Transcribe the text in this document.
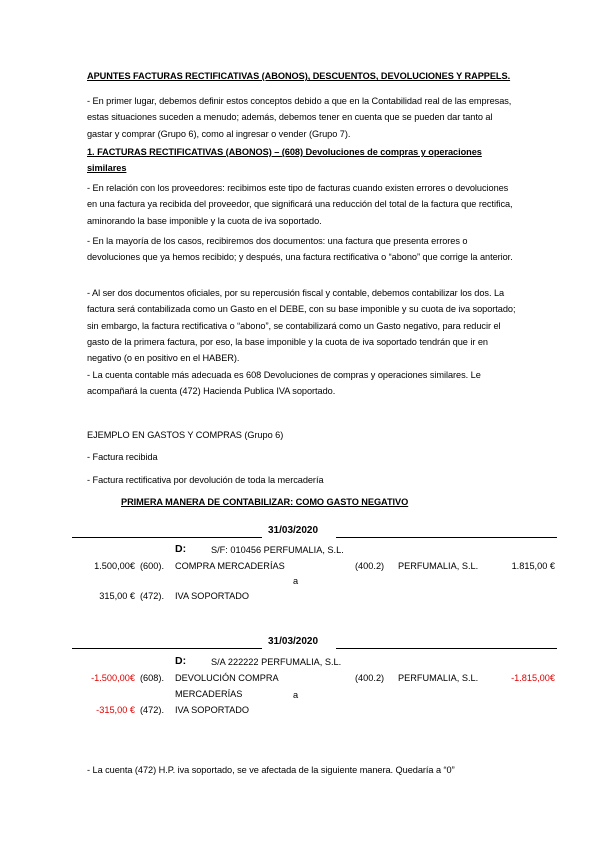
APUNTES FACTURAS RECTIFICATIVAS (ABONOS), DESCUENTOS, DEVOLUCIONES Y RAPPELS.
- En primer lugar, debemos definir estos conceptos debido a que en la Contabilidad real de las empresas, estas situaciones suceden a menudo; además, debemos tener en cuenta que se pueden dar tanto al gastar y comprar (Grupo 6), como al ingresar o vender (Grupo 7).
1. FACTURAS RECTIFICATIVAS (ABONOS) – (608) Devoluciones de compras y operaciones similares
- En relación con los proveedores: recibimos este tipo de facturas cuando existen errores o devoluciones en una factura ya recibida del proveedor, que significará una reducción del total de la factura que rectifica, aminorando la base imponible y la cuota de iva soportado.
- En la mayoría de los casos, recibiremos dos documentos: una factura que presenta errores o devoluciones que ya hemos recibido; y después, una factura rectificativa o “abono” que corrige la anterior.
- Al ser dos documentos oficiales, por su repercusión fiscal y contable, debemos contabilizar los dos. La factura será contabilizada como un Gasto en el DEBE, con su base imponible y su cuota de iva soportado; sin embargo, la factura rectificativa o “abono”, se contabilizará como un Gasto negativo, para reducir el gasto de la primera factura, por eso, la base imponible y la cuota de iva soportado tendrán que ir en negativo (o en positivo en el HABER).
- La cuenta contable más adecuada es 608 Devoluciones de compras y operaciones similares. Le acompañará la cuenta (472) Hacienda Publica IVA soportado.
EJEMPLO EN GASTOS Y COMPRAS (Grupo 6)
- Factura recibida
- Factura rectificativa por devolución de toda la mercadería
PRIMERA MANERA DE CONTABILIZAR: COMO GASTO NEGATIVO
31/03/2020
D:	S/F: 010456 PERFUMALIA, S.L.
1.500,00€ (600). COMPRA MERCADERÍAS	(400.2) PERFUMALIA, S.L.	1.815,00 €
a
315,00 € (472). IVA SOPORTADO
31/03/2020
D:	S/A 222222 PERFUMALIA, S.L.
-1.500,00€ (608). DEVOLUCIÓN COMPRA	(400.2) PERFUMALIA, S.L.	-1.815,00€
MERCADERÍAS	a
-315,00 € (472). IVA SOPORTADO
- La cuenta (472) H.P. iva soportado, se ve afectada de la siguiente manera. Quedaría a “0”
